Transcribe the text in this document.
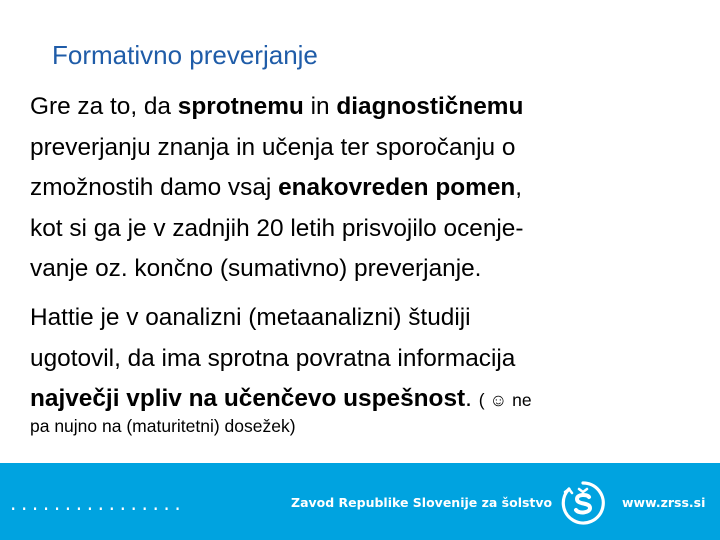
Formativno preverjanje
Gre za to, da sprotnemu in diagnostičnemu
preverjanju znanja in učenja ter sporočanju o
zmožnostih damo vsaj enakovreden pomen,
kot si ga je v zadnjih 20 letih prisvojilo ocenje-
vanje oz. končno (sumativno) preverjanje.
Hattie je v oanalizni (metaanalizni) študiji
ugotovil, da ima sprotna povratna informacija
največji vpliv na učenčevo uspešnost. ( ☺ ne
pa nujno na (maturitetni) dosežek)
................	Zavod Republike Slovenije za šolstvo	www.zrss.si
